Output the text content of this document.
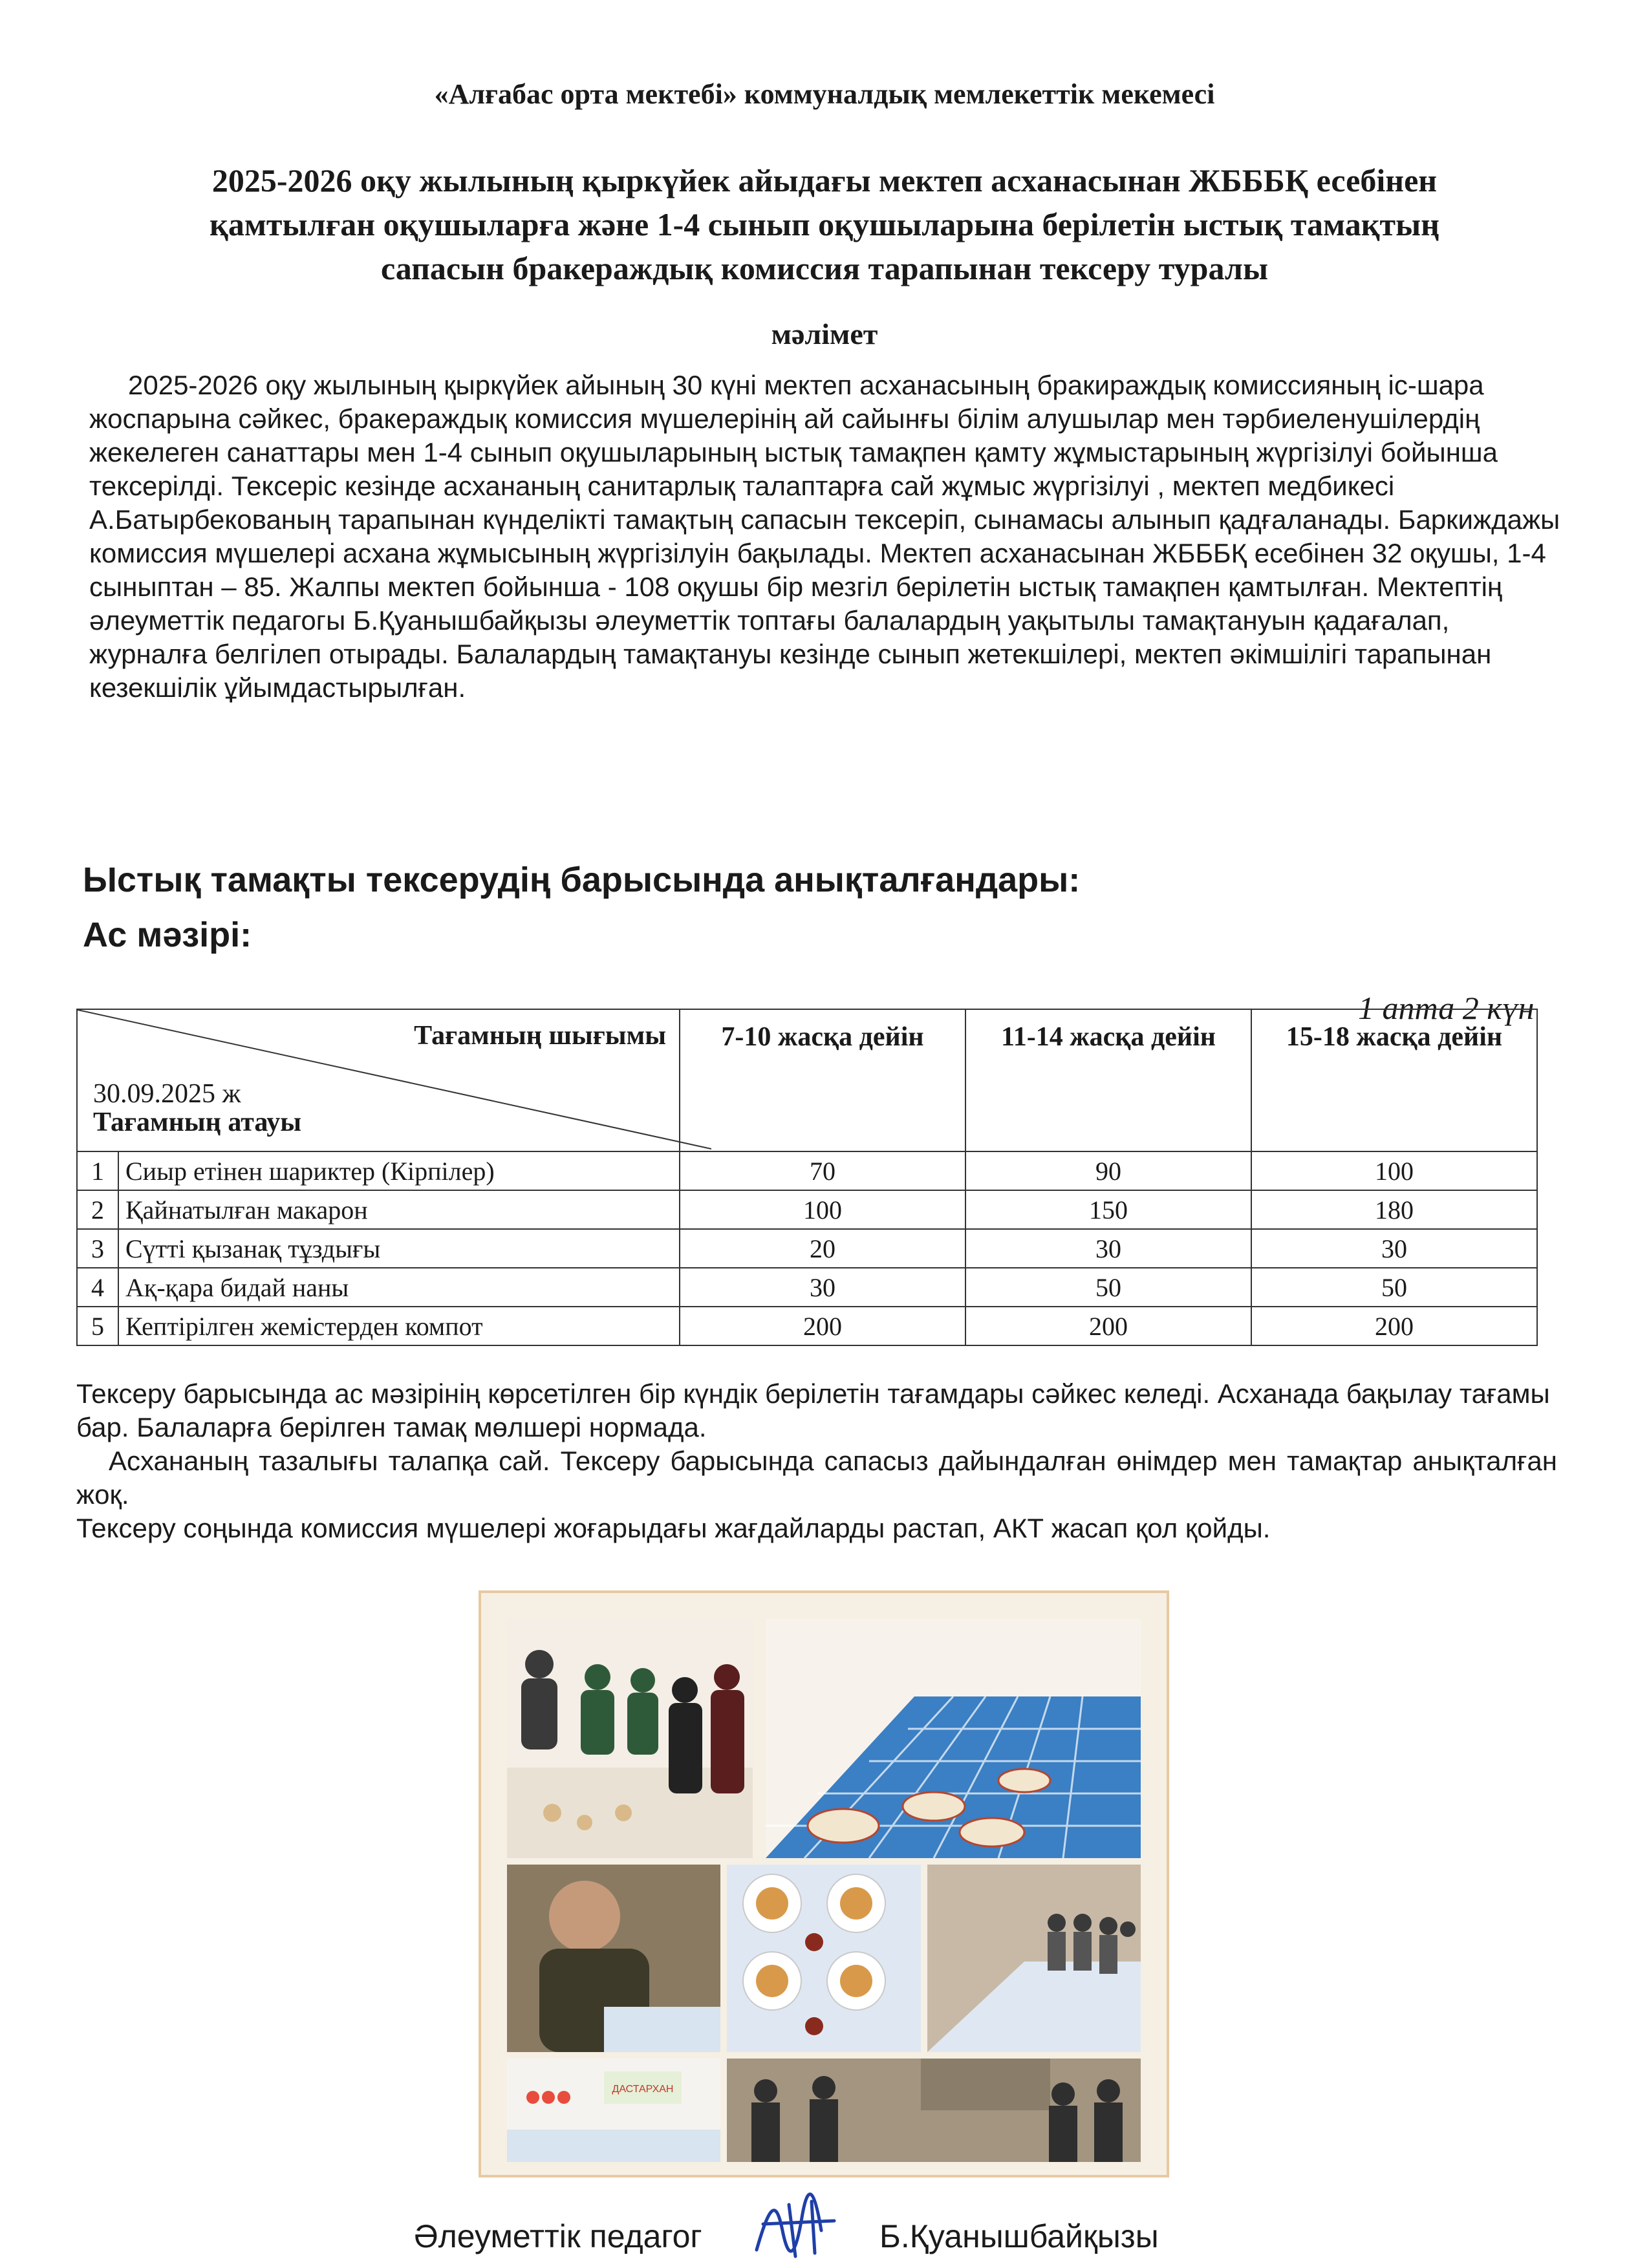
«Алғабас орта мектебі» коммуналдық мемлекеттік мекемесі
2025-2026 оқу жылының қыркүйек айыдағы мектеп асханасынан ЖБББҚ есебінен
қамтылған оқушыларға және 1-4 сынып оқушыларына берілетін ыстық тамақтың
сапасын бракераждық комиссия тарапынан тексеру туралы
мәлімет

2025-2026 оқу жылының қыркүйек айының 30 күні мектеп асханасының бракираждық комиссияның іс-шара жоспарына сәйкес, бракераждық комиссия мүшелерінің ай сайынғы білім алушылар мен тәрбиеленушілердің жекелеген санаттары мен 1-4 сынып оқушыларының ыстық тамақпен қамту жұмыстарының жүргізілуі бойынша тексерілді. Тексеріс кезінде асхананың санитарлық талаптарға сай жұмыс жүргізілуі , мектеп медбикесі А.Батырбекованың тарапынан күнделікті тамақтың сапасын тексеріп, сынамасы алынып қадғаланады. Баркиждажы комиссия мүшелері асхана жұмысының жүргізілуін бақылады. Мектеп асханасынан ЖБББҚ есебінен 32 оқушы, 1-4 сыныптан – 85. Жалпы мектеп бойынша - 108 оқушы бір мезгіл берілетін ыстық тамақпен қамтылған. Мектептің әлеуметтік педагогы Б.Қуанышбайқызы әлеуметтік топтағы балалардың уақытылы тамақтануын қадағалап, журналға белгілеп отырады. Балалардың тамақтануы кезінде сынып жетекшілері, мектеп әкімшілігі тарапынан кезекшілік ұйымдастырылған.

Ыстық тамақты тексерудің барысында анықталғандары:
Ас мәзірі:
1 апта 2 күн
Тағамның шығымы
30.09.2025 ж
Тағамның атауы		7-10 жасқа дейін	11-14 жасқа дейін	15-18 жасқа дейін
1	Сиыр етінен шариктер (Кірпілер)	70	90	100
2	Қайнатылған макарон	100	150	180
3	Сүтті қызанақ тұздығы	20	30	30
4	Ақ-қара бидай наны	30	50	50
5	Кептірілген жемістерден компот	200	200	200

Тексеру барысында ас мәзірінің көрсетілген бір күндік берілетін тағамдары сәйкес келеді. Асханада бақылау тағамы бар. Балаларға берілген тамақ мөлшері нормада.

Асхананың тазалығы талапқа сай. Тексеру барысында сапасыз дайындалған өнімдер мен тамақтар анықталған жоқ.

Тексеру соңында комиссия мүшелері жоғарыдағы жағдайларды растап, АКТ жасап қол қойды.

ДАСТАРХАН
Әлеуметтік педагог	Б.Қуанышбайқызы
